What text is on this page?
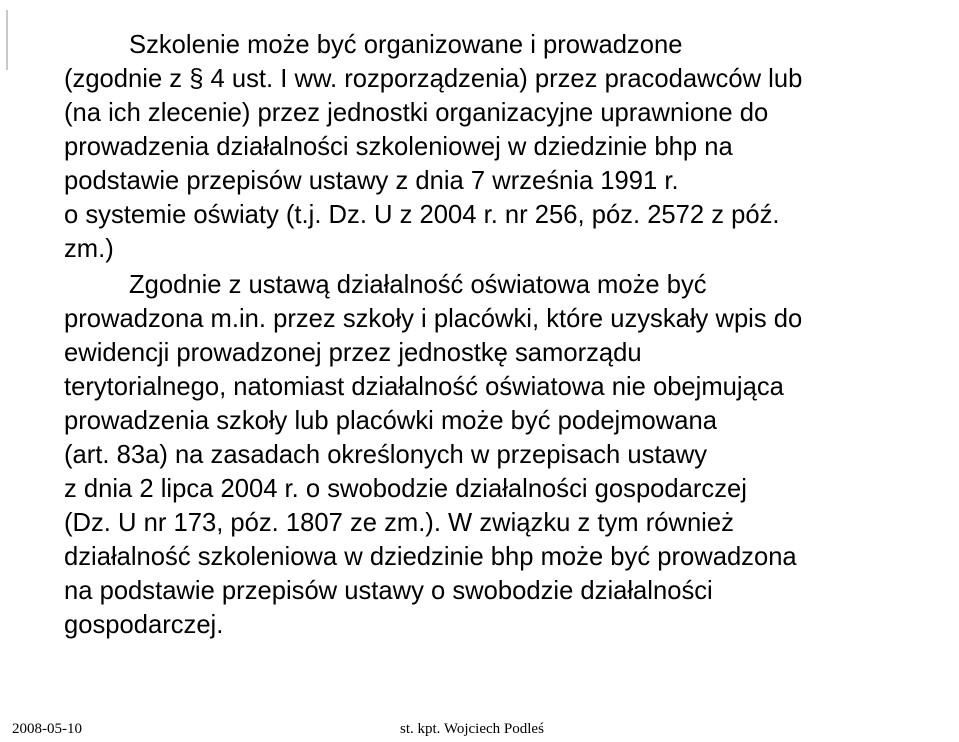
Szkolenie może być organizowane i prowadzone
(zgodnie z § 4 ust. I ww. rozporządzenia) przez pracodawców lub
(na ich zlecenie) przez jednostki organizacyjne uprawnione do
prowadzenia działalności szkoleniowej w dziedzinie bhp na
podstawie przepisów ustawy z dnia 7 września 1991 r.
o systemie oświaty (t.j. Dz. U z 2004 r. nr 256, póz. 2572 z póź.
zm.)
Zgodnie z ustawą działalność oświatowa może być
prowadzona m.in. przez szkoły i placówki, które uzyskały wpis do
ewidencji prowadzonej przez jednostkę samorządu
terytorialnego, natomiast działalność oświatowa nie obejmująca
prowadzenia szkoły lub placówki może być podejmowana
(art. 83a) na zasadach określonych w przepisach ustawy
z dnia 2 lipca 2004 r. o swobodzie działalności gospodarczej
(Dz. U nr 173, póz. 1807 ze zm.). W związku z tym również
działalność szkoleniowa w dziedzinie bhp może być prowadzona
na podstawie przepisów ustawy o swobodzie działalności
gospodarczej.
2008-05-10	st. kpt. Wojciech Podleś
